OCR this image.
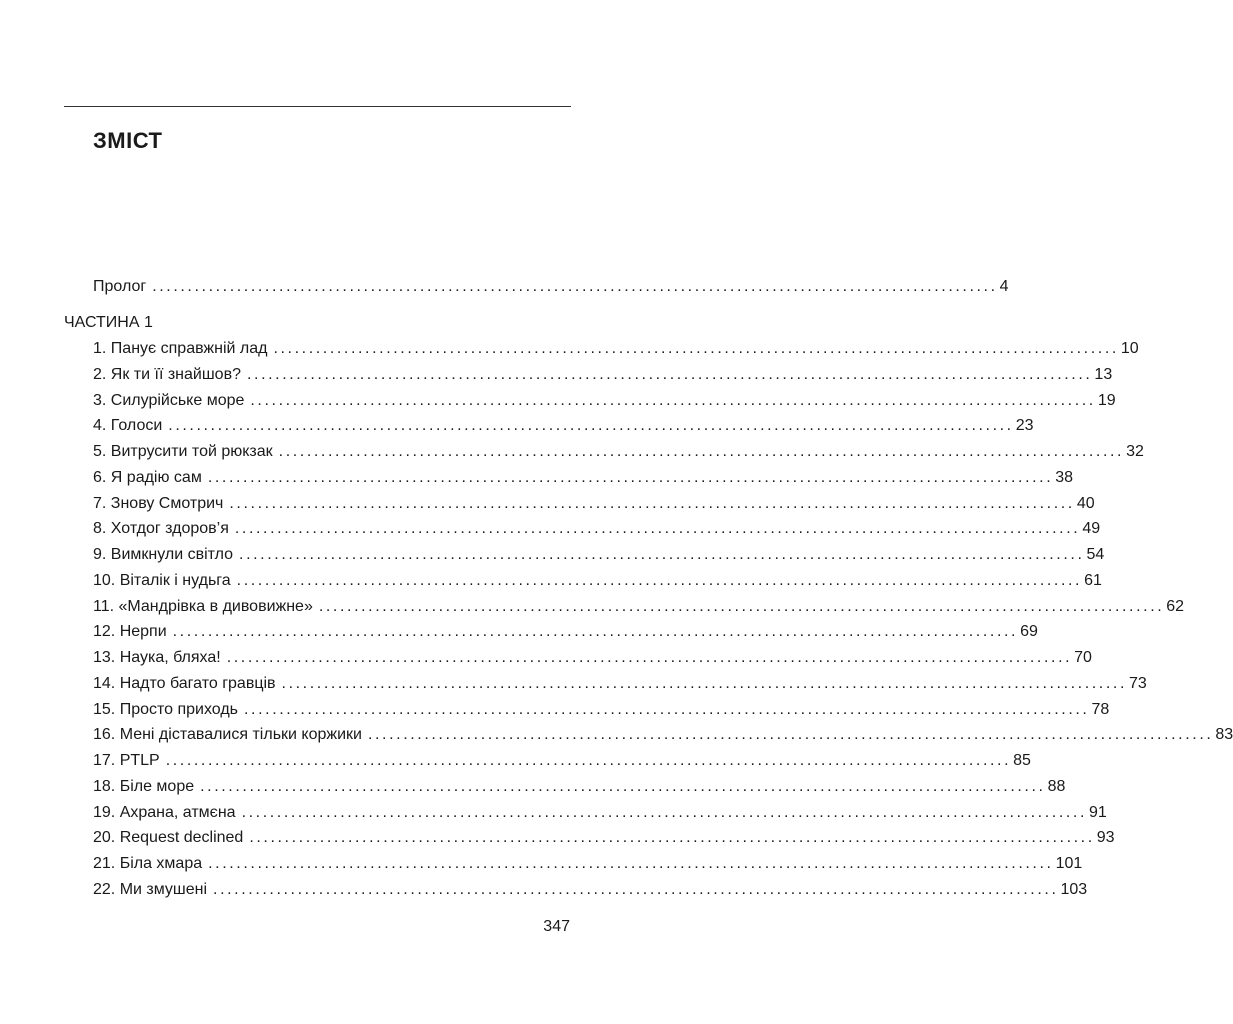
ЗМІСТ
Пролог ........................................................................................................................ 4
ЧАСТИНА 1
1. Панує справжній лад ........................................................................................................................ 10
2. Як ти її знайшов? ........................................................................................................................ 13
3. Силурійське море ........................................................................................................................ 19
4. Голоси ........................................................................................................................ 23
5. Витрусити той рюкзак ........................................................................................................................ 32
6. Я радію сам ........................................................................................................................ 38
7. Знову Смотрич ........................................................................................................................ 40
8. Хотдог здоров’я ........................................................................................................................ 49
9. Вимкнули світло ........................................................................................................................ 54
10. Віталік і нудьга ........................................................................................................................ 61
11. «Мандрівка в дивовижне» ........................................................................................................................ 62
12. Нерпи ........................................................................................................................ 69
13. Наука, бляха! ........................................................................................................................ 70
14. Надто багато гравців ........................................................................................................................ 73
15. Просто приходь ........................................................................................................................ 78
16. Мені діставалися тільки коржики ........................................................................................................................ 83
17. PTLP ........................................................................................................................ 85
18. Біле море ........................................................................................................................ 88
19. Ахрана, атмєна ........................................................................................................................ 91
20. Request declined ........................................................................................................................ 93
21. Біла хмара ........................................................................................................................ 101
22. Ми змушені ........................................................................................................................ 103
347
